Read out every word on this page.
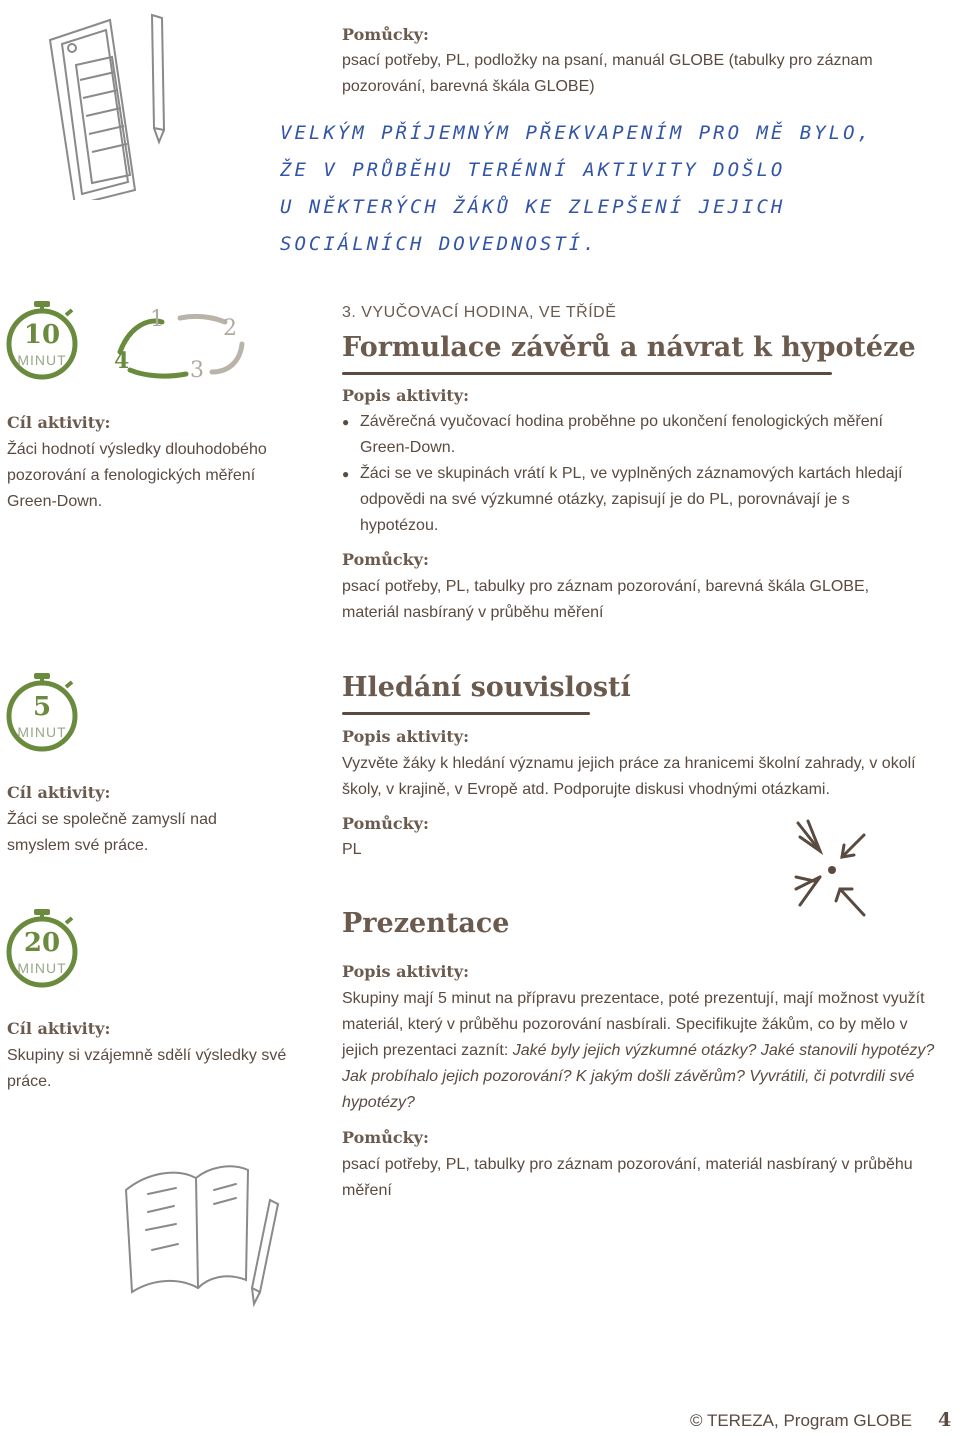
Pomůcky:
psací potřeby, PL, podložky na psaní, manuál GLOBE (tabulky pro záznam pozorování, barevná škála GLOBE)
VELKÝM PŘÍJEMNÝM PŘEKVAPENÍM PRO MĚ BYLO,
ŽE V PRŮBĚHU TERÉNNÍ AKTIVITY DOŠLO
U NĚKTERÝCH ŽÁKŮ KE ZLEPŠENÍ JEJICH
SOCIÁLNÍCH DOVEDNOSTÍ.
10
MINUT
1	2
3
4
Cíl aktivity:
Žáci hodnotí výsledky dlouhodobého pozorování a fenologických měření Green-Down.
3. VYUČOVACÍ HODINA, VE TŘÍDĚ
Formulace závěrů a návrat k hypotéze
Popis aktivity:
● Závěrečná vyučovací hodina proběhne po ukončení fenologických měření Green-Down.
● Žáci se ve skupinách vrátí k PL, ve vyplněných záznamových kartách hledají odpovědi na své výzkumné otázky, zapisují je do PL, porovnávají je s hypotézou.
Pomůcky:
psací potřeby, PL, tabulky pro záznam pozorování, barevná škála GLOBE, materiál nasbíraný v průběhu měření
5
MINUT
Cíl aktivity:
Žáci se společně zamyslí nad smyslem své práce.
Hledání souvislostí
Popis aktivity:
Vyzvěte žáky k hledání významu jejich práce za hranicemi školní zahrady, v okolí školy, v krajině, v Evropě atd. Podporujte diskusi vhodnými otázkami.
Pomůcky:
PL
20
MINUT
Cíl aktivity:
Skupiny si vzájemně sdělí výsledky své práce.
Prezentace
Popis aktivity:
Skupiny mají 5 minut na přípravu prezentace, poté prezentují, mají možnost využít materiál, který v průběhu pozorování nasbírali. Specifikujte žákům, co by mělo v jejich prezentaci zaznít: Jaké byly jejich výzkumné otázky? Jaké stanovili hypotézy? Jak probíhalo jejich pozorování? K jakým došli závěrům? Vyvrátili, či potvrdili své hypotézy?
Pomůcky:
psací potřeby, PL, tabulky pro záznam pozorování, materiál nasbíraný v průběhu měření
© TEREZA, Program GLOBE 4
